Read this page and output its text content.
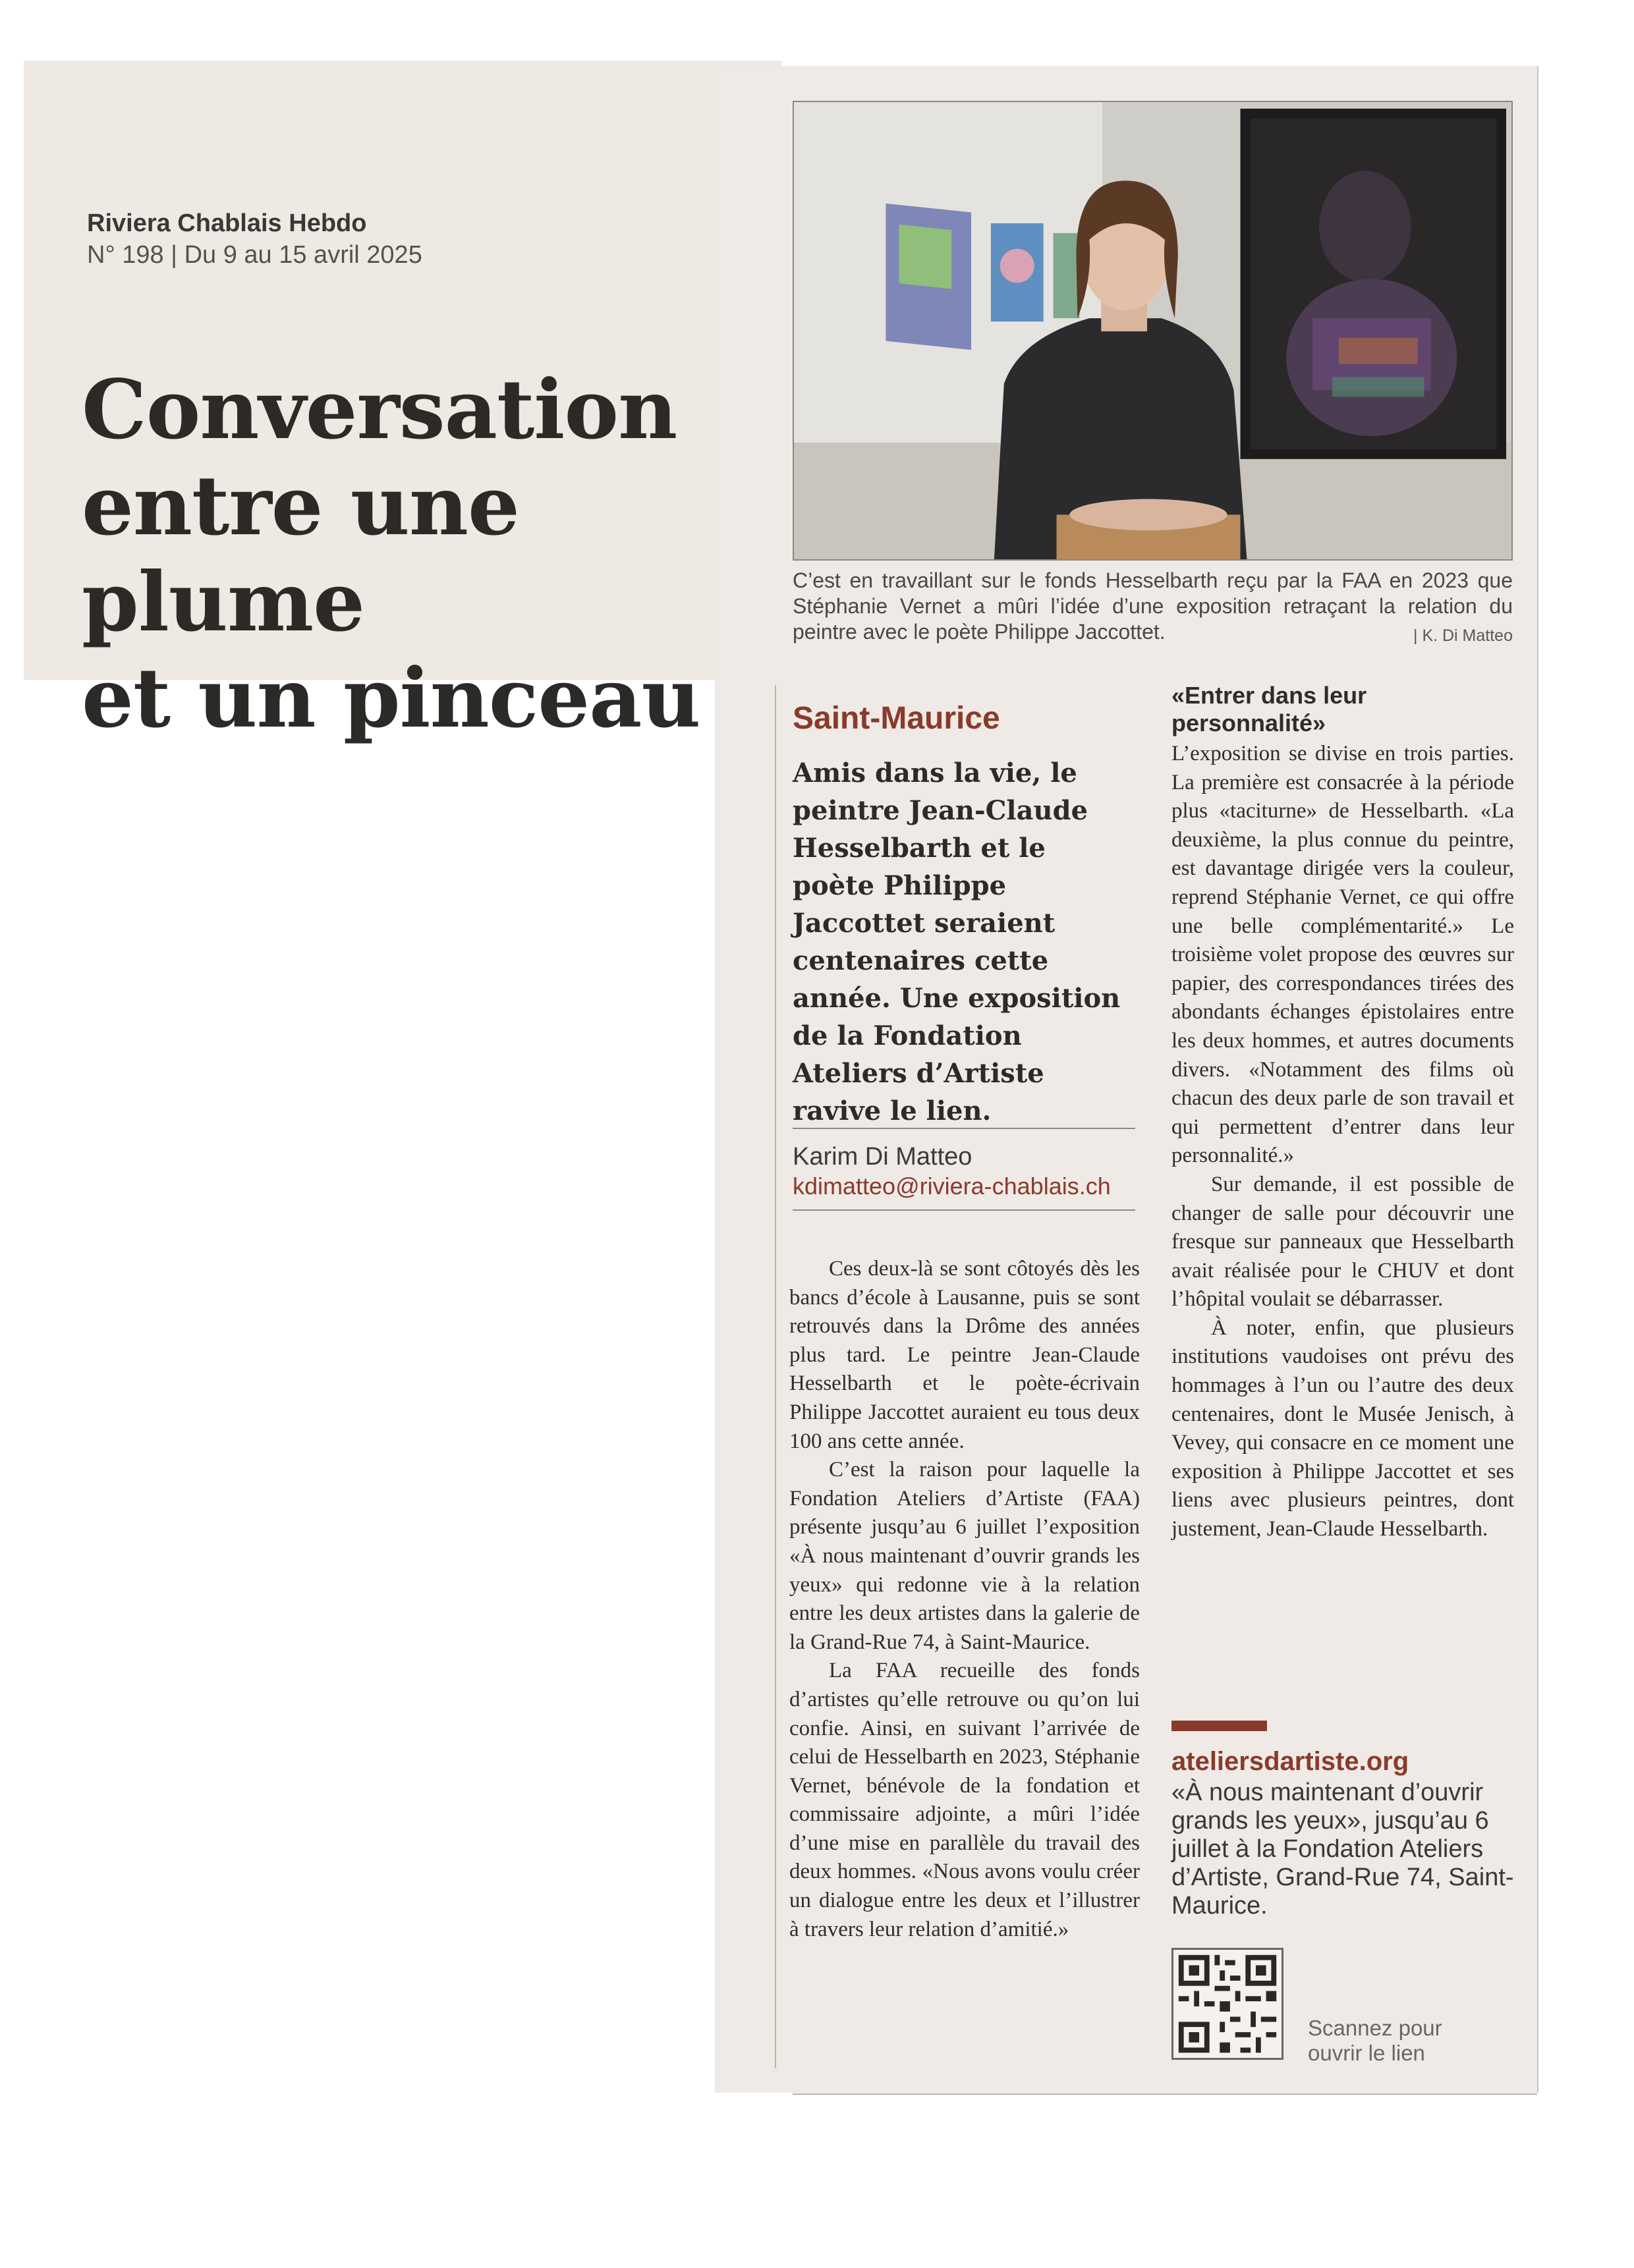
Riviera Chablais Hebdo
N° 198 | Du 9 au 15 avril 2025
Conversation
entre une plume
et un pinceau
C’est en travaillant sur le fonds Hesselbarth reçu par la FAA en 2023 que Stéphanie Vernet a mûri l’idée d’une exposition retraçant la relation du peintre avec le poète Philippe Jaccottet.	| K. Di Matteo
Saint-Maurice
Amis dans la vie, le peintre Jean-Claude Hesselbarth et le poète Philippe Jaccottet seraient centenaires cette année. Une exposition de la Fondation Ateliers d’Artiste ravive le lien.
Karim Di Matteo
kdimatteo@riviera-chablais.ch

Ces deux-là se sont côtoyés dès les bancs d’école à Lausanne, puis se sont retrouvés dans la Drôme des années plus tard. Le peintre Jean-Claude Hesselbarth et le poète-écrivain Philippe Jaccottet auraient eu tous deux 100 ans cette année.

C’est la raison pour laquelle la Fondation Ateliers d’Artiste (FAA) présente jusqu’au 6 juillet l’exposition «À nous maintenant d’ouvrir grands les yeux» qui redonne vie à la relation entre les deux artistes dans la galerie de la Grand-Rue 74, à Saint-Maurice.

La FAA recueille des fonds d’artistes qu’elle retrouve ou qu’on lui confie. Ainsi, en suivant l’arrivée de celui de Hesselbarth en 2023, Stéphanie Vernet, bénévole de la fondation et commissaire adjointe, a mûri l’idée d’une mise en parallèle du travail des deux hommes. «Nous avons voulu créer un dialogue entre les deux et l’illustrer à travers leur relation d’amitié.»

«Entrer dans leur personnalité»

L’exposition se divise en trois parties. La première est consacrée à la période plus «taciturne» de Hesselbarth. «La deuxième, la plus connue du peintre, est davantage dirigée vers la couleur, reprend Stéphanie Vernet, ce qui offre une belle complémentarité.» Le troisième volet propose des œuvres sur papier, des correspondances tirées des abondants échanges épistolaires entre les deux hommes, et autres documents divers. «Notamment des films où chacun des deux parle de son travail et qui permettent d’entrer dans leur personnalité.»

Sur demande, il est possible de changer de salle pour découvrir une fresque sur panneaux que Hesselbarth avait réalisée pour le CHUV et dont l’hôpital voulait se débarrasser.

À noter, enfin, que plusieurs institutions vaudoises ont prévu des hommages à l’un ou l’autre des deux centenaires, dont le Musée Jenisch, à Vevey, qui consacre en ce moment une exposition à Philippe Jaccottet et ses liens avec plusieurs peintres, dont justement, Jean-Claude Hesselbarth.

ateliersdartiste.org
«À nous maintenant d’ouvrir grands les yeux», jusqu’au 6 juillet à la Fondation Ateliers d’Artiste, Grand-Rue 74, Saint-Maurice.
Scannez pour ouvrir le lien
